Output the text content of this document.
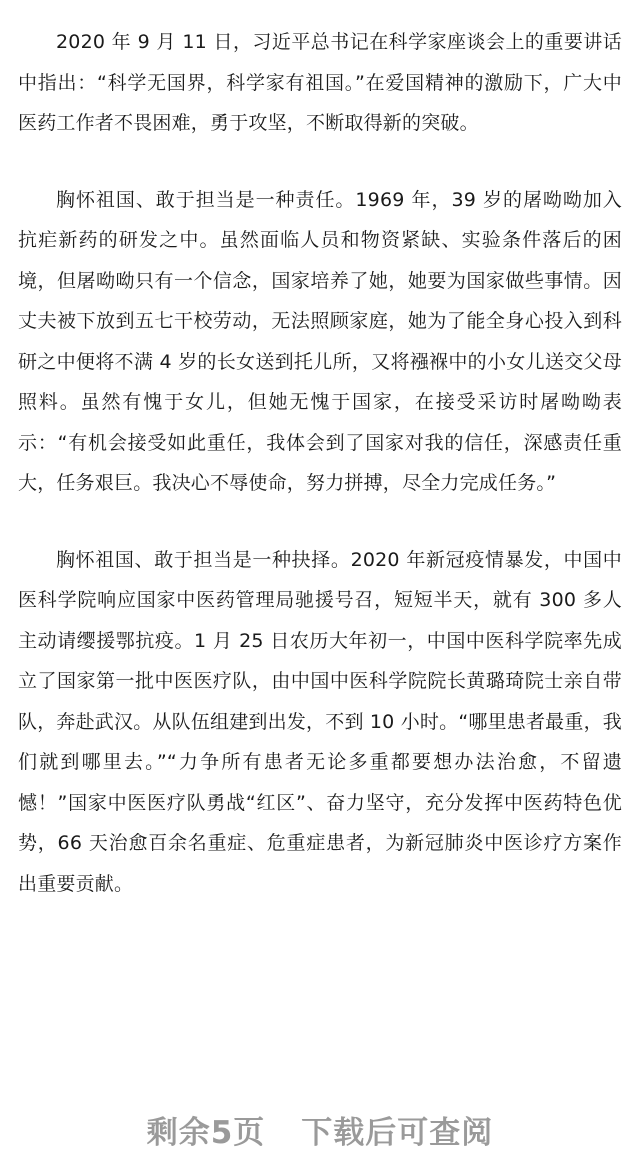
2020 年 9 月 11 日，习近平总书记在科学家座谈会上的重要讲话中指出：“科学无国界，科学家有祖国。”在爱国精神的激励下，广大中医药工作者不畏困难，勇于攻坚，不断取得新的突破。

胸怀祖国、敢于担当是一种责任。1969 年，39 岁的屠呦呦加入抗疟新药的研发之中。虽然面临人员和物资紧缺、实验条件落后的困境，但屠呦呦只有一个信念，国家培养了她，她要为国家做些事情。因丈夫被下放到五七干校劳动，无法照顾家庭，她为了能全身心投入到科研之中便将不满 4 岁的长女送到托儿所，又将襁褓中的小女儿送交父母照料。虽然有愧于女儿，但她无愧于国家，在接受采访时屠呦呦表示：“有机会接受如此重任，我体会到了国家对我的信任，深感责任重大，任务艰巨。我决心不辱使命，努力拼搏，尽全力完成任务。”

胸怀祖国、敢于担当是一种抉择。2020 年新冠疫情暴发，中国中医科学院响应国家中医药管理局驰援号召，短短半天，就有 300 多人主动请缨援鄂抗疫。1 月 25 日农历大年初一，中国中医科学院率先成立了国家第一批中医医疗队，由中国中医科学院院长黄璐琦院士亲自带队，奔赴武汉。从队伍组建到出发，不到 10 小时。“哪里患者最重，我们就到哪里去。”“力争所有患者无论多重都要想办法治愈，不留遗憾！”国家中医医疗队勇战“红区”、奋力坚守，充分发挥中医药特色优势，66 天治愈百余名重症、危重症患者，为新冠肺炎中医诊疗方案作出重要贡献。

剩余5页 下载后可查阅
